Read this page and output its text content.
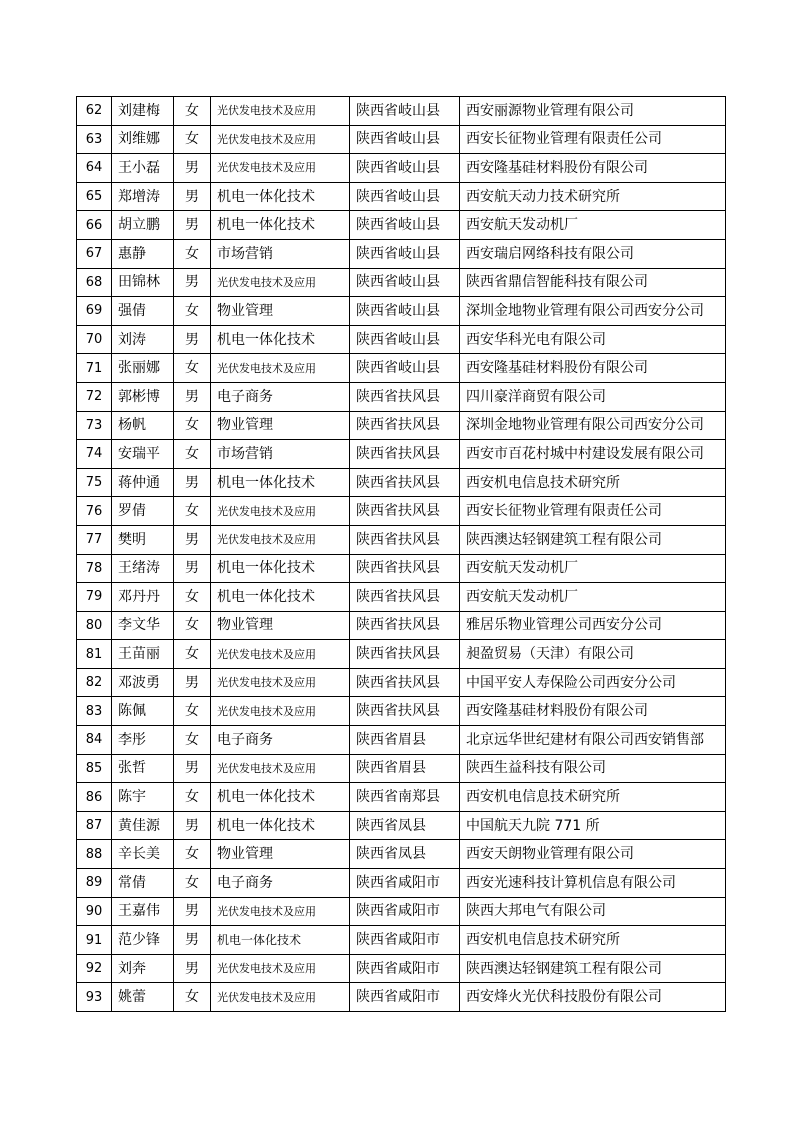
62	刘建梅	女	光伏发电技术及应用	陕西省岐山县	西安丽源物业管理有限公司
63	刘维娜	女	光伏发电技术及应用	陕西省岐山县	西安长征物业管理有限责任公司
64	王小磊	男	光伏发电技术及应用	陕西省岐山县	西安隆基硅材料股份有限公司
65	郑增涛	男	机电一体化技术	陕西省岐山县	西安航天动力技术研究所
66	胡立鹏	男	机电一体化技术	陕西省岐山县	西安航天发动机厂
67	惠静	女	市场营销	陕西省岐山县	西安瑞启网络科技有限公司
68	田锦林	男	光伏发电技术及应用	陕西省岐山县	陕西省鼎信智能科技有限公司
69	强倩	女	物业管理	陕西省岐山县	深圳金地物业管理有限公司西安分公司
70	刘涛	男	机电一体化技术	陕西省岐山县	西安华科光电有限公司
71	张丽娜	女	光伏发电技术及应用	陕西省岐山县	西安隆基硅材料股份有限公司
72	郭彬博	男	电子商务	陕西省扶风县	四川豪洋商贸有限公司
73	杨帆	女	物业管理	陕西省扶风县	深圳金地物业管理有限公司西安分公司
74	安瑞平	女	市场营销	陕西省扶风县	西安市百花村城中村建设发展有限公司
75	蒋仲通	男	机电一体化技术	陕西省扶风县	西安机电信息技术研究所
76	罗倩	女	光伏发电技术及应用	陕西省扶风县	西安长征物业管理有限责任公司
77	樊明	男	光伏发电技术及应用	陕西省扶风县	陕西澳达轻钢建筑工程有限公司
78	王绪涛	男	机电一体化技术	陕西省扶风县	西安航天发动机厂
79	邓丹丹	女	机电一体化技术	陕西省扶风县	西安航天发动机厂
80	李文华	女	物业管理	陕西省扶风县	雅居乐物业管理公司西安分公司
81	王苗丽	女	光伏发电技术及应用	陕西省扶风县	昶盈贸易（天津）有限公司
82	邓波勇	男	光伏发电技术及应用	陕西省扶风县	中国平安人寿保险公司西安分公司
83	陈佩	女	光伏发电技术及应用	陕西省扶风县	西安隆基硅材料股份有限公司
84	李彤	女	电子商务	陕西省眉县	北京远华世纪建材有限公司西安销售部
85	张哲	男	光伏发电技术及应用	陕西省眉县	陕西生益科技有限公司
86	陈宇	女	机电一体化技术	陕西省南郑县	西安机电信息技术研究所
87	黄佳源	男	机电一体化技术	陕西省凤县	中国航天九院 771 所
88	辛长美	女	物业管理	陕西省凤县	西安天朗物业管理有限公司
89	常倩	女	电子商务	陕西省咸阳市	西安光速科技计算机信息有限公司
90	王嘉伟	男	光伏发电技术及应用	陕西省咸阳市	陕西大邦电气有限公司
91	范少锋	男	机电一体化技术	陕西省咸阳市	西安机电信息技术研究所
92	刘奔	男	光伏发电技术及应用	陕西省咸阳市	陕西澳达轻钢建筑工程有限公司
93	姚蕾	女	光伏发电技术及应用	陕西省咸阳市	西安烽火光伏科技股份有限公司
